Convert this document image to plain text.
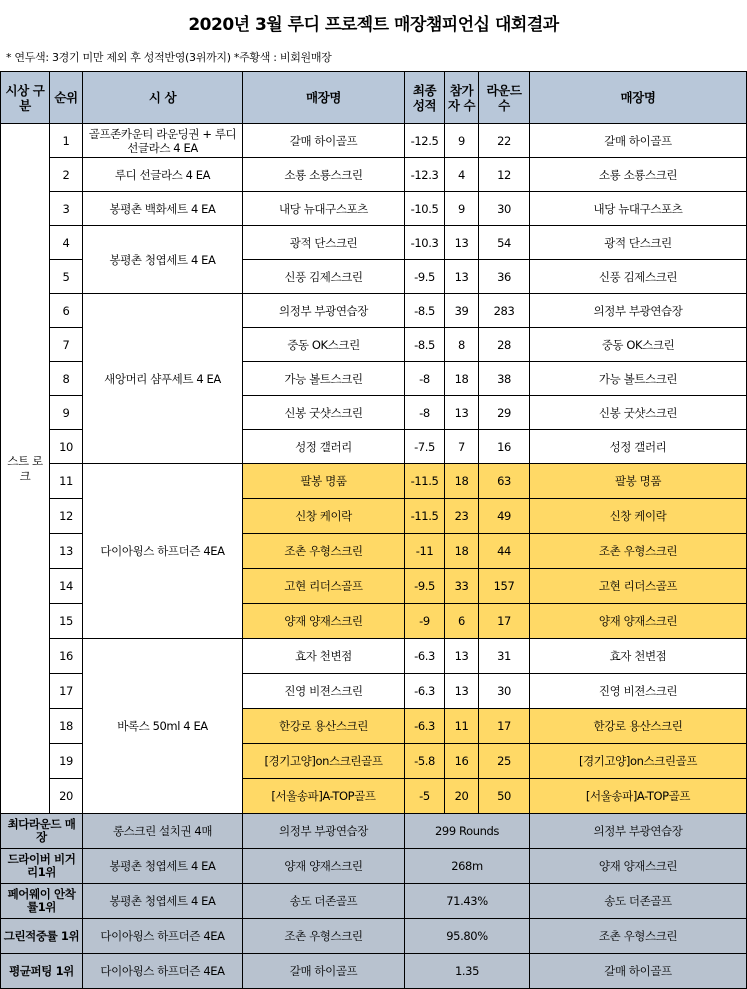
2020년 3월 루디 프로젝트 매장챔피언십 대회결과
* 연두색: 3경기 미만 제외 후 성적반영(3위까지) *주황색 : 비회원매장
시상 구분	순위	시 상	매장명	최종 성적	참가 자 수	라운드 수	매장명
스트 로크	1	골프존카운티 라운딩권 + 루디 선글라스 4 EA	갈매 하이골프	-12.5	9	22	갈매 하이골프
	2	루디 선글라스 4 EA	소룡 소룡스크린	-12.3	4	12	소룡 소룡스크린
	3	봉평촌 백화세트 4 EA	내당 뉴대구스포츠	-10.5	9	30	내당 뉴대구스포츠
	4	봉평촌 청엽세트 4 EA	광적 단스크린	-10.3	13	54	광적 단스크린
	5		신풍 김제스크린	-9.5	13	36	신풍 김제스크린
	6	새앙머리 샴푸세트 4 EA	의정부 부광연습장	-8.5	39	283	의정부 부광연습장
	7		중동 OK스크린	-8.5	8	28	중동 OK스크린
	8		가능 볼트스크린	-8	18	38	가능 볼트스크린
	9		신봉 굿샷스크린	-8	13	29	신봉 굿샷스크린
	10		성정 갤러리	-7.5	7	16	성정 갤러리
	11	다이아윙스 하프더즌 4EA	팔봉 명품	-11.5	18	63	팔봉 명품
	12		신창 케이락	-11.5	23	49	신창 케이락
	13		조촌 우형스크린	-11	18	44	조촌 우형스크린
	14		고현 리더스골프	-9.5	33	157	고현 리더스골프
	15		양재 양재스크린	-9	6	17	양재 양재스크린
	16	바록스 50ml 4 EA	효자 천변점	-6.3	13	31	효자 천변점
	17		진영 비젼스크린	-6.3	13	30	진영 비젼스크린
	18		한강로 용산스크린	-6.3	11	17	한강로 용산스크린
	19		[경기고양]on스크린골프	-5.8	16	25	[경기고양]on스크린골프
	20		[서울송파]A-TOP골프	-5	20	50	[서울송파]A-TOP골프
최다라운드 매장		롱스크린 설치권 4매	의정부 부광연습장	299 Rounds			의정부 부광연습장
드라이버 비거리1위		봉평촌 청엽세트 4 EA	양재 양재스크린	268m			양재 양재스크린
페어웨이 안착률1위		봉평촌 청엽세트 4 EA	송도 더존골프	71.43%			송도 더존골프
그린적중률 1위		다이아윙스 하프더즌 4EA	조촌 우형스크린	95.80%			조촌 우형스크린
평균퍼팅 1위		다이아윙스 하프더즌 4EA	갈매 하이골프	1.35			갈매 하이골프
